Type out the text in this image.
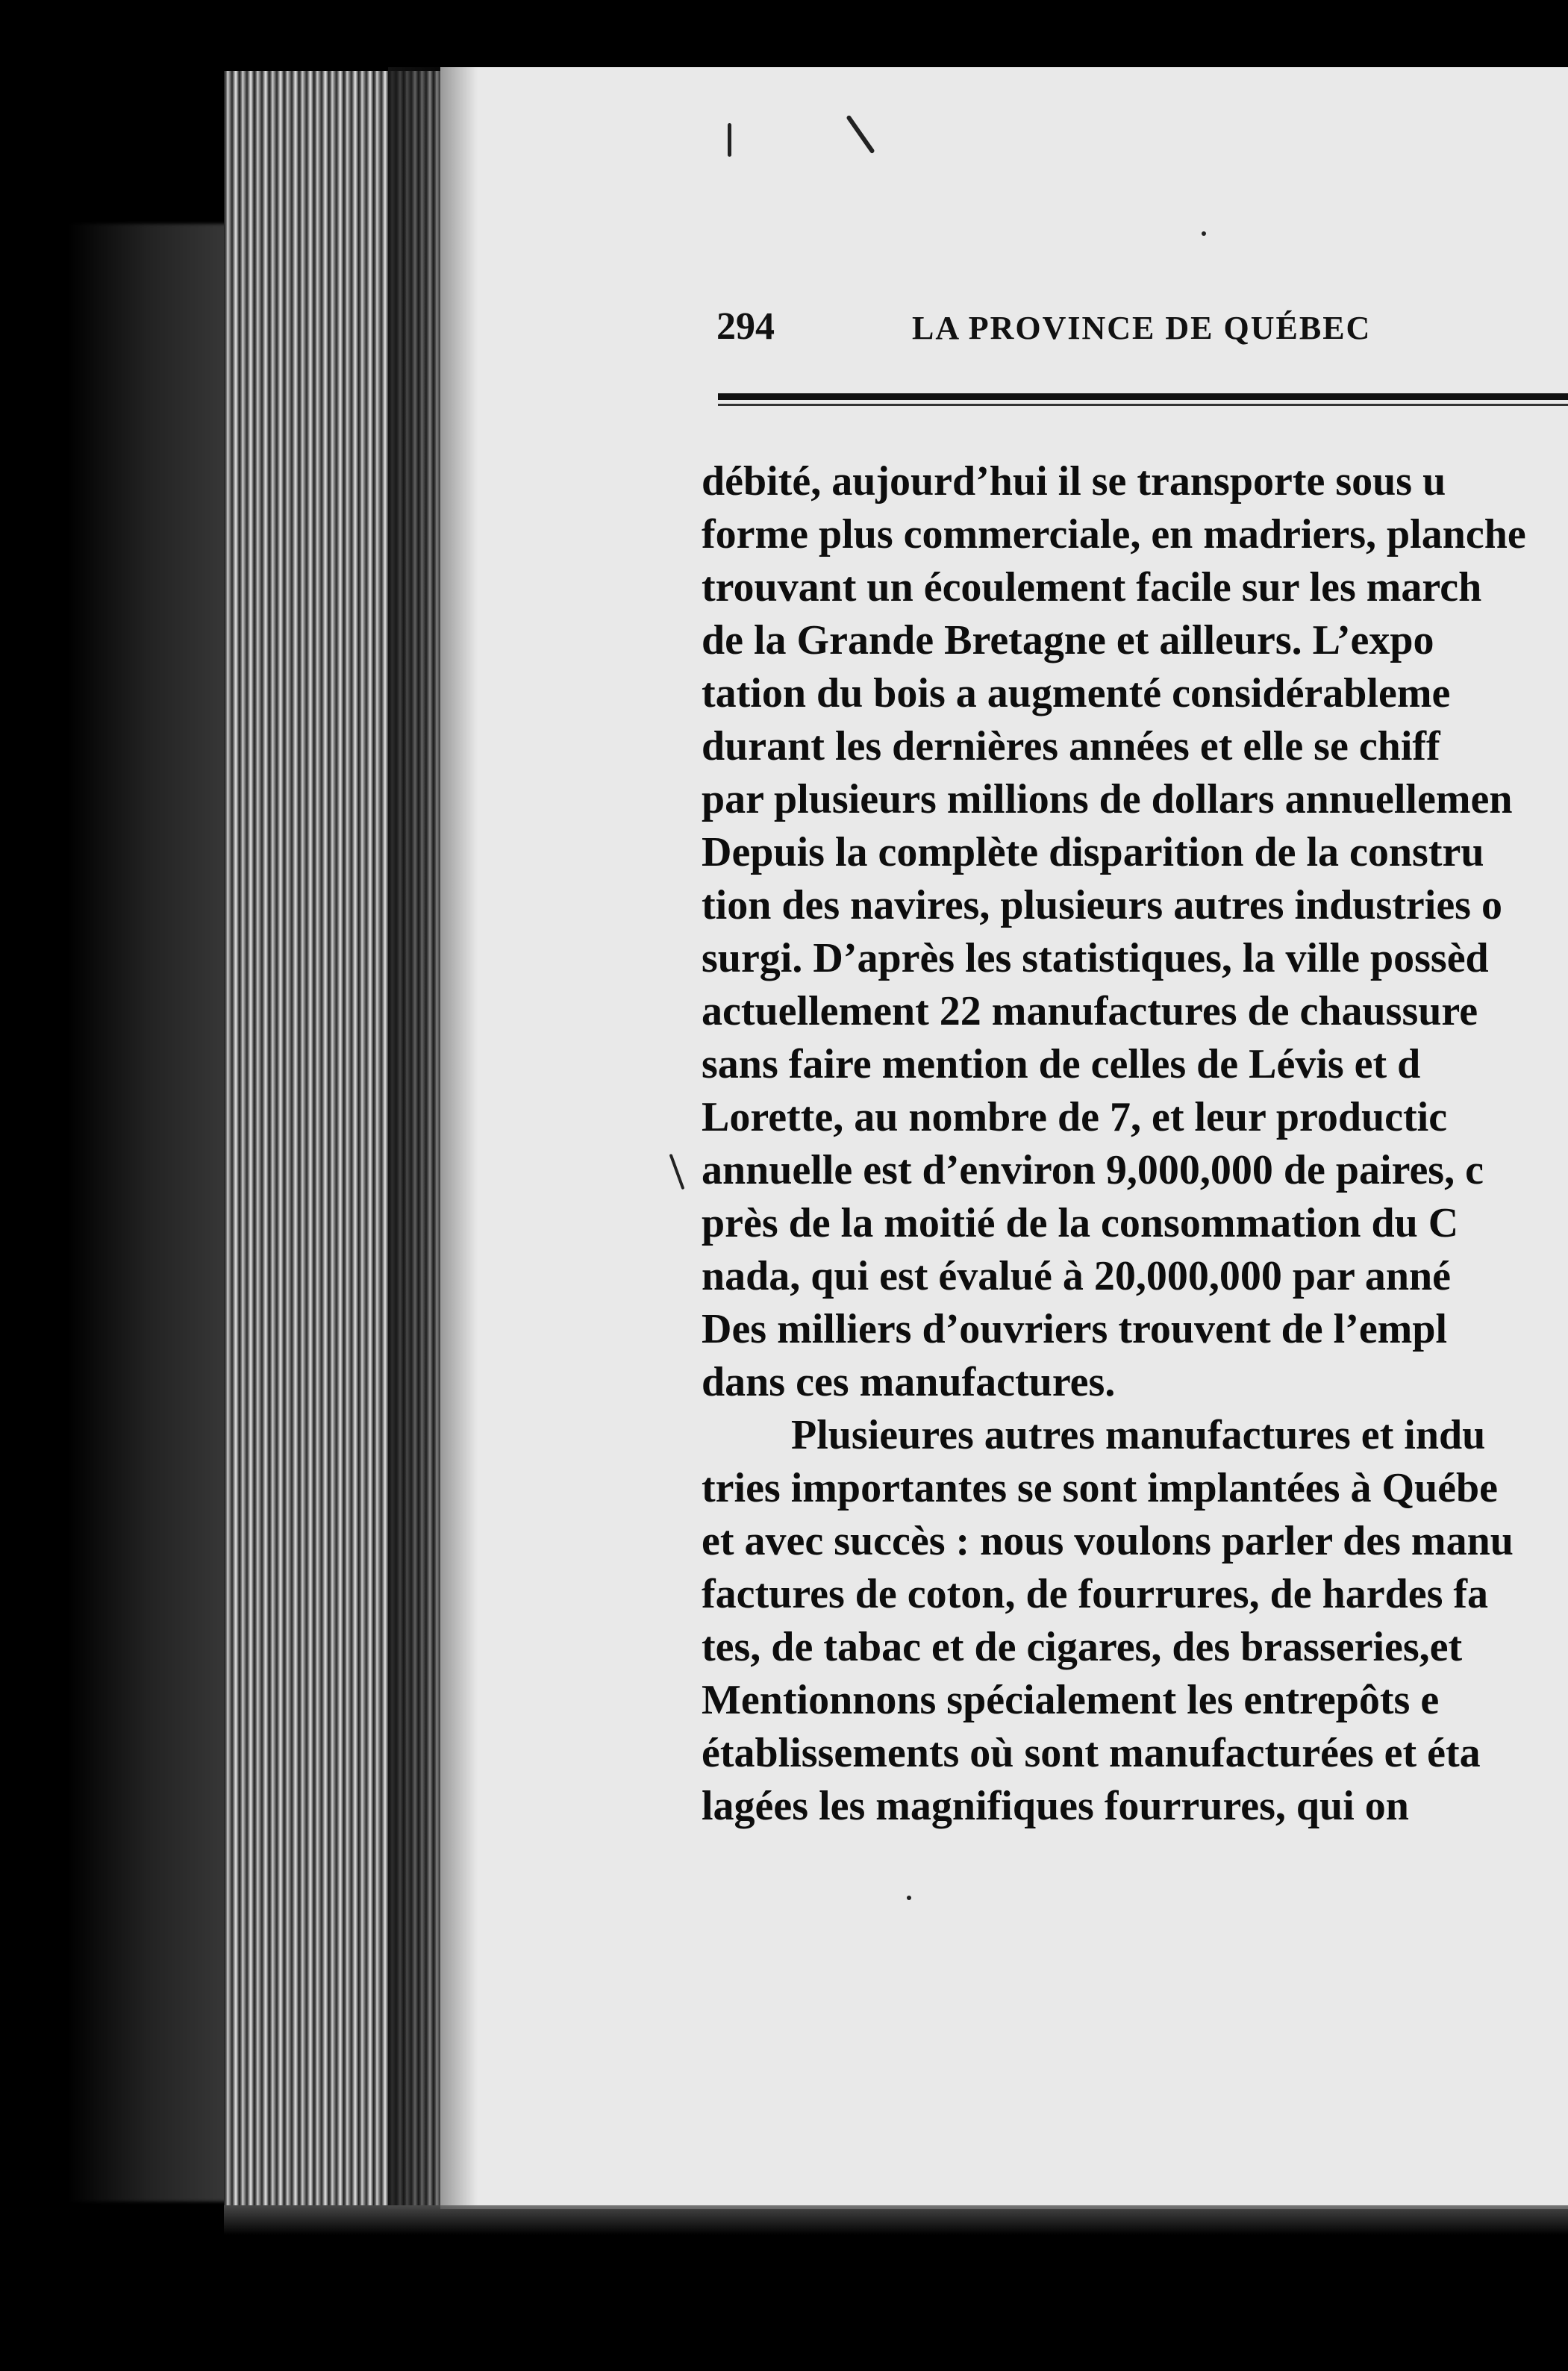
294	LA PROVINCE DE QUÉBEC
débité, aujourd’hui il se transporte sous u
forme plus commerciale, en madriers, planche
trouvant un écoulement facile sur les march
de la Grande Bretagne et ailleurs. L’expo
tation du bois a augmenté considérableme
durant les dernières années et elle se chiff
par plusieurs millions de dollars annuellemen
Depuis la complète disparition de la constru
tion des navires, plusieurs autres industries o
surgi. D’après les statistiques, la ville possèd
actuellement 22 manufactures de chaussure
sans faire mention de celles de Lévis et d
Lorette, au nombre de 7, et leur productic
annuelle est d’environ 9,000,000 de paires, c
près de la moitié de la consommation du C
nada, qui est évalué à 20,000,000 par anné
Des milliers d’ouvriers trouvent de l’empl
dans ces manufactures.
Plusieures autres manufactures et indu
tries importantes se sont implantées à Québe
et avec succès : nous voulons parler des manu
factures de coton, de fourrures, de hardes fa
tes, de tabac et de cigares, des brasseries,et
Mentionnons spécialement les entrepôts e
établissements où sont manufacturées et éta
lagées les magnifiques fourrures, qui on
